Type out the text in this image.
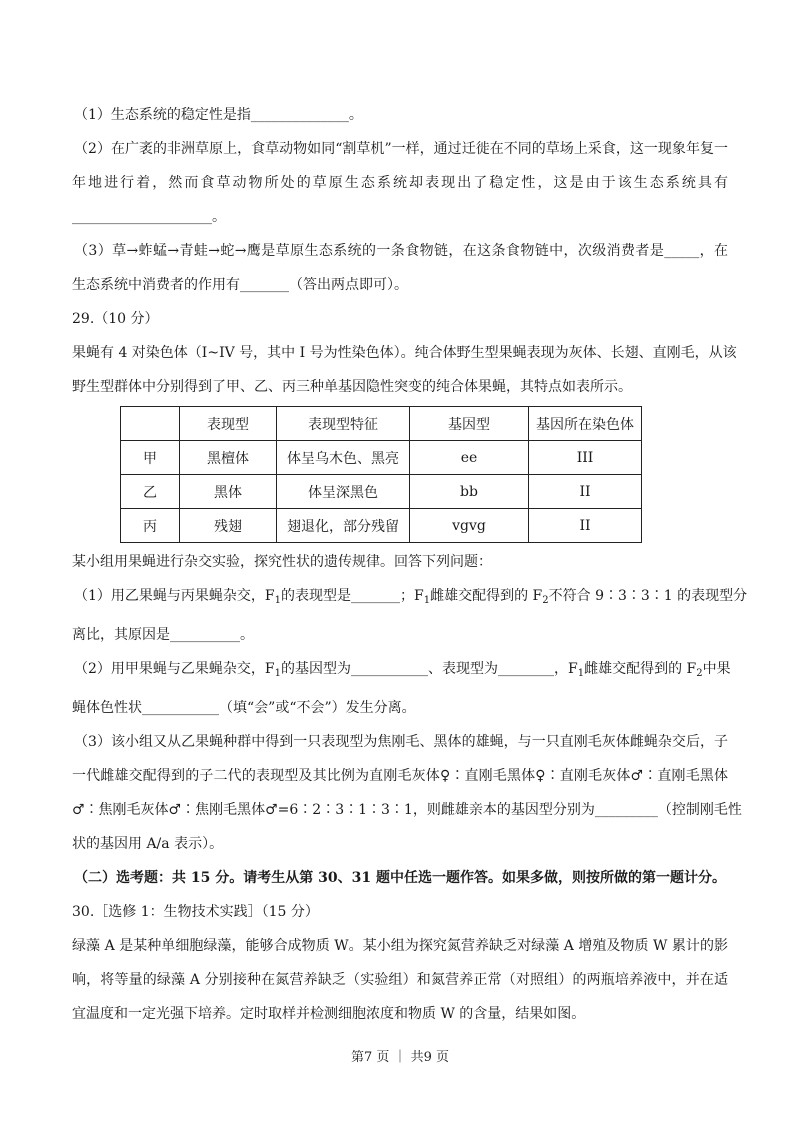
（1）生态系统的稳定性是指______________。
（2）在广袤的非洲草原上，食草动物如同“割草机”一样，通过迁徙在不同的草场上采食，这一现象年复一
年地进行着，然而食草动物所处的草原生态系统却表现出了稳定性，这是由于该生态系统具有
____________________。
（3）草→蚱蜢→青蛙→蛇→鹰是草原生态系统的一条食物链，在这条食物链中，次级消费者是_____，在
生态系统中消费者的作用有_______（答出两点即可）。
29.（10 分）
果蝇有 4 对染色体（I~IV 号，其中 I 号为性染色体）。纯合体野生型果蝇表现为灰体、长翅、直刚毛，从该
野生型群体中分别得到了甲、乙、丙三种单基因隐性突变的纯合体果蝇，其特点如表所示。
	表现型	表现型特征	基因型	基因所在染色体
甲	黑檀体	体呈乌木色、黑亮	ee	III
乙	黑体	体呈深黑色	bb	II
丙	残翅	翅退化，部分残留	vgvg	II
某小组用果蝇进行杂交实验，探究性状的遗传规律。回答下列问题：
（1）用乙果蝇与丙果蝇杂交，$F_1$的表现型是_______；$F_1$雌雄交配得到的 $F_2$不符合 9∶3∶3∶1 的表现型分
离比，其原因是__________。
（2）用甲果蝇与乙果蝇杂交，$F_1$的基因型为___________、表现型为________，$F_1$雌雄交配得到的 $F_2$中果
蝇体色性状___________（填“会”或“不会”）发生分离。
（3）该小组又从乙果蝇种群中得到一只表现型为焦刚毛、黑体的雄蝇，与一只直刚毛灰体雌蝇杂交后，子
一代雌雄交配得到的子二代的表现型及其比例为直刚毛灰体♀∶直刚毛黑体♀∶直刚毛灰体♂∶直刚毛黑体
♂∶焦刚毛灰体♂∶焦刚毛黑体♂=6∶2∶3∶1∶3∶1，则雌雄亲本的基因型分别为_________（控制刚毛性
状的基因用 A/a 表示）。
（二）选考题：共 15 分。请考生从第 30、31 题中任选一题作答。如果多做，则按所做的第一题计分。
30.［选修 1：生物技术实践］（15 分）
绿藻 A 是某种单细胞绿藻，能够合成物质 W。某小组为探究氮营养缺乏对绿藻 A 增殖及物质 W 累计的影
响，将等量的绿藻 A 分别接种在氮营养缺乏（实验组）和氮营养正常（对照组）的两瓶培养液中，并在适
宜温度和一定光强下培养。定时取样并检测细胞浓度和物质 W 的含量，结果如图。
第7 页 ｜ 共9 页
